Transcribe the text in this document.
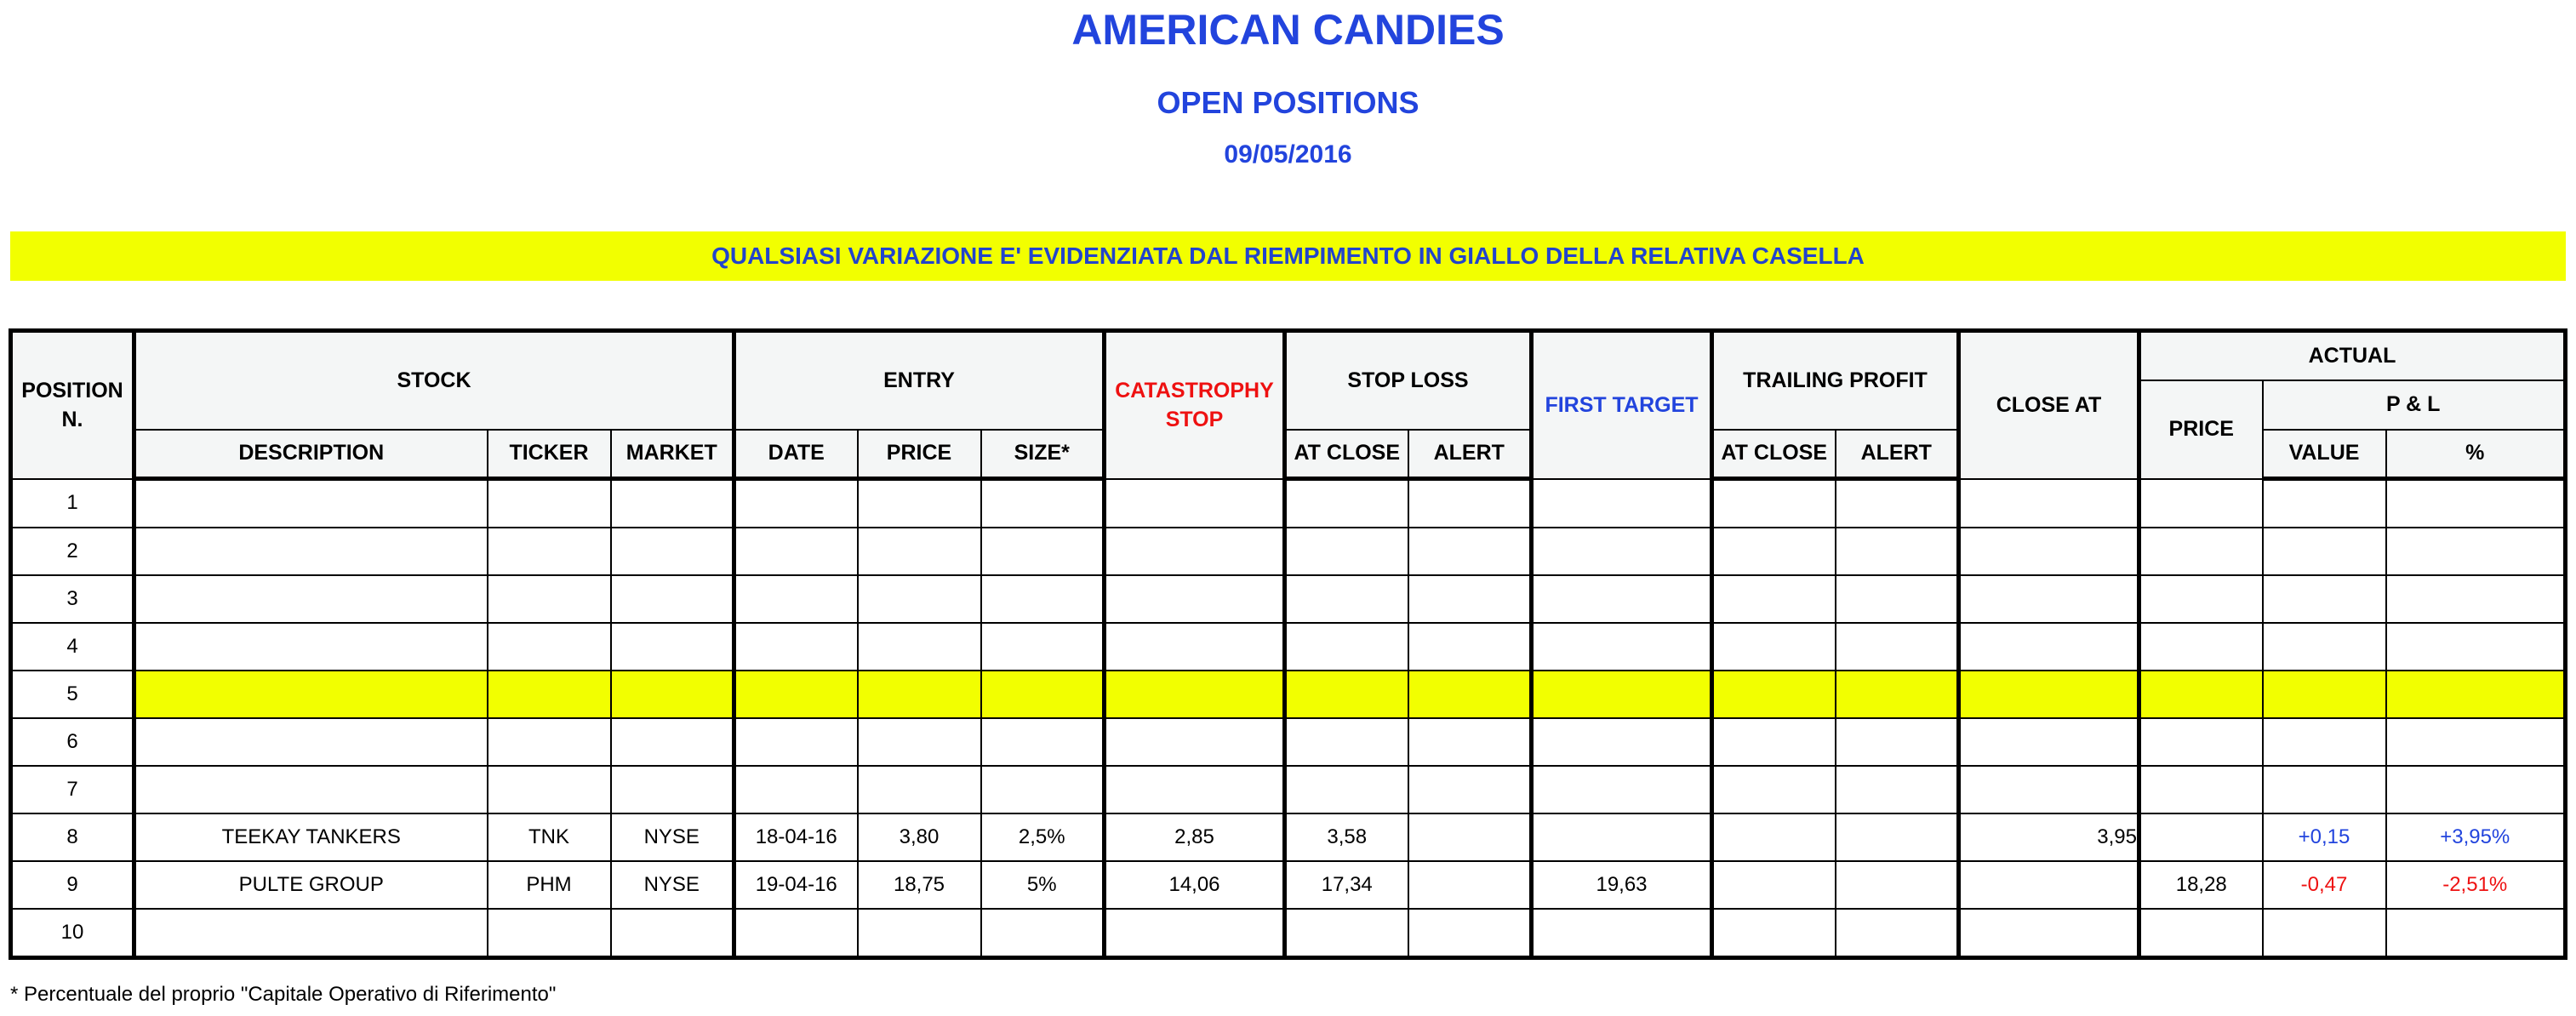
AMERICAN CANDIES
OPEN POSITIONS
09/05/2016
QUALSIASI VARIAZIONE E' EVIDENZIATA DAL RIEMPIMENTO IN GIALLO DELLA RELATIVA CASELLA
POSITION N.	STOCK			ENTRY			CATASTROPHY STOP	STOP LOSS		FIRST TARGET	TRAILING PROFIT		CLOSE AT	ACTUAL		
														PRICE	P & L	
	DESCRIPTION	TICKER	MARKET	DATE	PRICE	SIZE*		AT CLOSE	ALERT		AT CLOSE	ALERT			VALUE	%
1																
2																
3																
4																
5																
6																
7																
8	TEEKAY TANKERS	TNK	NYSE	18-04-16	3,80	2,5%	2,85	3,58					3,95		+0,15	+3,95%
9	PULTE GROUP	PHM	NYSE	19-04-16	18,75	5%	14,06	17,34		19,63				18,28	-0,47	-2,51%
10																
* Percentuale del proprio "Capitale Operativo di Riferimento"
